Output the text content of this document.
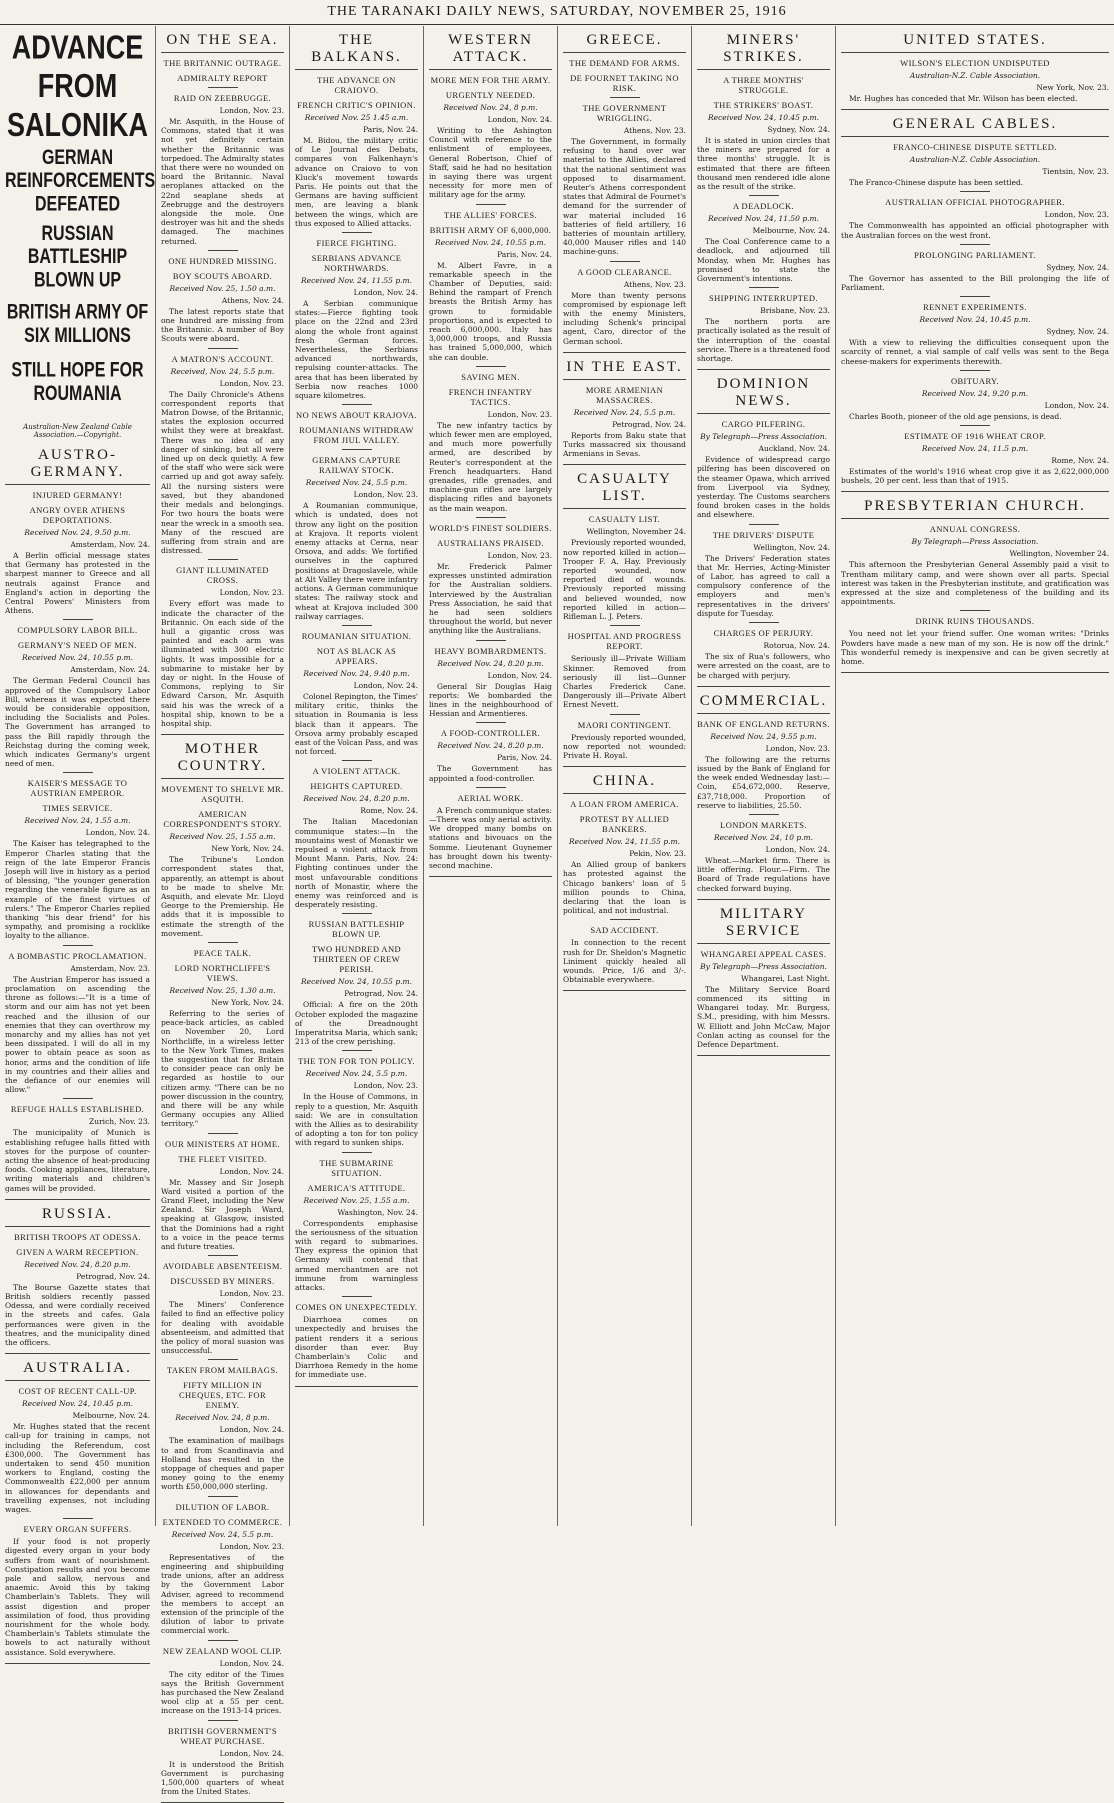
THE TARANAKI DAILY NEWS, SATURDAY, NOVEMBER 25, 1916
ADVANCE FROM SALONIKA
GERMAN REINFORCEMENTS DEFEATED
RUSSIAN BATTLESHIP BLOWN UP
BRITISH ARMY OF SIX MILLIONS
STILL HOPE FOR ROUMANIA
Australian-New Zealand Cable Association.—Copyright.
AUSTRO-GERMANY.
INJURED GERMANY!
ANGRY OVER ATHENS DEPORTATIONS.
Received Nov. 24, 9.50 p.m.
Amsterdam, Nov. 24.
A Berlin official message states that Germany has protested in the sharpest manner to Greece and all neutrals against France and England's action in deporting the Central Powers' Ministers from Athens.
COMPULSORY LABOR BILL.
GERMANY'S NEED OF MEN.
Received Nov. 24, 10.55 p.m.
Amsterdam, Nov. 24.
The German Federal Council has approved of the Compulsory Labor Bill, whereas it was expected there would be considerable opposition, including the Socialists and Poles. The Government has arranged to pass the Bill rapidly through the Reichstag during the coming week, which indicates Germany's urgent need of men.
KAISER'S MESSAGE TO AUSTRIAN EMPEROR.
TIMES SERVICE.
Received Nov. 24, 1.55 a.m.
London, Nov. 24.
The Kaiser has telegraphed to the Emperor Charles stating that the reign of the late Emperor Francis Joseph will live in history as a period of blessing, "the younger generation regarding the venerable figure as an example of the finest virtues of rulers." The Emperor Charles replied thanking "his dear friend" for his sympathy, and promising a rocklike loyalty to the alliance.
A BOMBASTIC PROCLAMATION.
Amsterdam, Nov. 23.
The Austrian Emperor has issued a proclamation on ascending the throne as follows:—"It is a time of storm and our aim has not yet been reached and the illusion of our enemies that they can overthrow my monarchy and my allies has not yet been dissipated. I will do all in my power to obtain peace as soon as honor, arms and the condition of life in my countries and their allies and the defiance of our enemies will allow."
REFUGE HALLS ESTABLISHED.
Zurich, Nov. 23.
The municipality of Munich is establishing refugee halls fitted with stoves for the purpose of counter-acting the absence of heat-producing foods. Cooking appliances, literature, writing materials and children's games will be provided.
RUSSIA.
BRITISH TROOPS AT ODESSA.
GIVEN A WARM RECEPTION.
Received Nov. 24, 8.20 p.m.
Petrograd, Nov. 24.
The Bourse Gazette states that British soldiers recently passed Odessa, and were cordially received in the streets and cafes. Gala performances were given in the theatres, and the municipality dined the officers.
AUSTRALIA.
COST OF RECENT CALL-UP.
Received Nov. 24, 10.45 p.m.
Melbourne, Nov. 24.
Mr. Hughes stated that the recent call-up for training in camps, not including the Referendum, cost £300,000. The Government has undertaken to send 450 munition workers to England, costing the Commonwealth £22,000 per annum in allowances for dependants and travelling expenses, not including wages.
EVERY ORGAN SUFFERS.
If your food is not properly digested every organ in your body suffers from want of nourishment. Constipation results and you become pale and sallow, nervous and anaemic. Avoid this by taking Chamberlain's Tablets. They will assist digestion and proper assimilation of food, thus providing nourishment for the whole body. Chamberlain's Tablets stimulate the bowels to act naturally without assistance. Sold everywhere.
ON THE SEA.
THE BRITANNIC OUTRAGE.
ADMIRALTY REPORT
RAID ON ZEEBRUGGE.
London, Nov. 23.
Mr. Asquith, in the House of Commons, stated that it was not yet definitely certain whether the Britannic was torpedoed. The Admiralty states that there were no wounded on board the Britannic. Naval aeroplanes attacked on the 22nd seaplane sheds at Zeebrugge and the destroyers alongside the mole. One destroyer was hit and the sheds damaged. The machines returned.
ONE HUNDRED MISSING.
BOY SCOUTS ABOARD.
Received Nov. 25, 1.50 a.m.
Athens, Nov. 24.
The latest reports state that one hundred are missing from the Britannic. A number of Boy Scouts were aboard.
A MATRON'S ACCOUNT.
Received, Nov. 24, 5.5 p.m.
London, Nov. 23.
The Daily Chronicle's Athens correspondent reports that Matron Dowse, of the Britannic, states the explosion occurred whilst they were at breakfast. There was no idea of any danger of sinking, but all were lined up on deck quietly. A few of the staff who were sick were carried up and got away safely. All the nursing sisters were saved, but they abandoned their medals and belongings. For two hours the boats were near the wreck in a smooth sea. Many of the rescued are suffering from strain and are distressed.
GIANT ILLUMINATED CROSS.
London, Nov. 23.
Every effort was made to indicate the character of the Britannic. On each side of the hull a gigantic cross was painted and each arm was illuminated with 300 electric lights. It was impossible for a submarine to mistake her by day or night. In the House of Commons, replying to Sir Edward Carson, Mr. Asquith said his was the wreck of a hospital ship, known to be a hospital ship.
MOTHER COUNTRY.
MOVEMENT TO SHELVE MR. ASQUITH.
AMERICAN CORRESPONDENT'S STORY.
Received Nov. 25, 1.55 a.m.
New York, Nov. 24.
The Tribune's London correspondent states that, apparently, an attempt is about to be made to shelve Mr. Asquith, and elevate Mr. Lloyd George to the Premiership. He adds that it is impossible to estimate the strength of the movement.
PEACE TALK.
LORD NORTHCLIFFE'S VIEWS.
Received Nov. 25, 1.30 a.m.
New York, Nov. 24.
Referring to the series of peace-back articles, as cabled on November 20, Lord Northcliffe, in a wireless letter to the New York Times, makes the suggestion that for Britain to consider peace can only be regarded as hostile to our citizen army. "There can be no power discussion in the country, and there will be any while Germany occupies any Allied territory."
OUR MINISTERS AT HOME.
THE FLEET VISITED.
London, Nov. 24.
Mr. Massey and Sir Joseph Ward visited a portion of the Grand Fleet, including the New Zealand. Sir Joseph Ward, speaking at Glasgow, insisted that the Dominions had a right to a voice in the peace terms and future treaties.
AVOIDABLE ABSENTEEISM.
DISCUSSED BY MINERS.
London, Nov. 23.
The Miners' Conference failed to find an effective policy for dealing with avoidable absenteeism, and admitted that the policy of moral suasion was unsuccessful.
TAKEN FROM MAILBAGS.
FIFTY MILLION IN CHEQUES, ETC. FOR ENEMY.
Received Nov. 24, 8 p.m.
London, Nov. 24.
The examination of mailbags to and from Scandinavia and Holland has resulted in the stoppage of cheques and paper money going to the enemy worth £50,000,000 sterling.
DILUTION OF LABOR.
EXTENDED TO COMMERCE.
Received Nov. 24, 5.5 p.m.
London, Nov. 23.
Representatives of the engineering and shipbuilding trade unions, after an address by the Government Labor Adviser, agreed to recommend the members to accept an extension of the principle of the dilution of labor to private commercial work.
NEW ZEALAND WOOL CLIP.
London, Nov. 24.
The city editor of the Times says the British Government has purchased the New Zealand wool clip at a 55 per cent. increase on the 1913-14 prices.
BRITISH GOVERNMENT'S WHEAT PURCHASE.
London, Nov. 24.
It is understood the British Government is purchasing 1,500,000 quarters of wheat from the United States.
THE BALKANS.
THE ADVANCE ON CRAIOVO.
FRENCH CRITIC'S OPINION.
Received Nov. 25 1.45 a.m.
Paris, Nov. 24.
M. Bidou, the military critic of Le Journal des Debats, compares von Falkenhayn's advance on Craiovo to von Kluck's movement towards Paris. He points out that the Germans are having sufficient men, are leaving a blank between the wings, which are thus exposed to Allied attacks.
FIERCE FIGHTING.
SERBIANS ADVANCE NORTHWARDS.
Received Nov. 24, 11.55 p.m.
London, Nov. 24.
A Serbian communique states:—Fierce fighting took place on the 22nd and 23rd along the whole front against fresh German forces. Nevertheless, the Serbians advanced northwards, repulsing counter-attacks. The area that has been liberated by Serbia now reaches 1000 square kilometres.
NO NEWS ABOUT KRAJOVA.
ROUMANIANS WITHDRAW FROM JIUL VALLEY.
GERMANS CAPTURE RAILWAY STOCK.
Received Nov. 24, 5.5 p.m.
London, Nov. 23.
A Roumanian communique, which is undated, does not throw any light on the position at Krajova. It reports violent enemy attacks at Cerna, near Orsova, and adds: We fortified ourselves in the captured positions at Dragoslavele, while at Alt Valley there were infantry actions. A German communique states: The railway stock and wheat at Krajova included 300 railway carriages.
ROUMANIAN SITUATION.
NOT AS BLACK AS APPEARS.
Received Nov. 24, 9.40 p.m.
London, Nov. 24.
Colonel Repington, the Times' military critic, thinks the situation in Roumania is less black than it appears. The Orsova army probably escaped east of the Volcan Pass, and was not forced.
A VIOLENT ATTACK.
HEIGHTS CAPTURED.
Received Nov. 24, 8.20 p.m.
Rome, Nov. 24.
The Italian Macedonian communique states:—In the mountains west of Monastir we repulsed a violent attack from Mount Mann. Paris, Nov. 24: Fighting continues under the most unfavourable conditions north of Monastir, where the enemy was reinforced and is desperately resisting.
RUSSIAN BATTLESHIP BLOWN UP.
TWO HUNDRED AND THIRTEEN OF CREW PERISH.
Received Nov. 24, 10.55 p.m.
Petrograd, Nov. 24.
Official: A fire on the 20th October exploded the magazine of the Dreadnought Imperatritsa Maria, which sank; 213 of the crew perishing.
THE TON FOR TON POLICY.
Received Nov. 24, 5.5 p.m.
London, Nov. 23.
In the House of Commons, in reply to a question, Mr. Asquith said: We are in consultation with the Allies as to desirability of adopting a ton for ton policy with regard to sunken ships.
THE SUBMARINE SITUATION.
AMERICA'S ATTITUDE.
Received Nov. 25, 1.55 a.m.
Washington, Nov. 24.
Correspondents emphasise the seriousness of the situation with regard to submarines. They express the opinion that Germany will contend that armed merchantmen are not immune from warningless attacks.
COMES ON UNEXPECTEDLY.
Diarrhoea comes on unexpectedly and bruises the patient renders it a serious disorder than ever. Buy Chamberlain's Colic and Diarrhoea Remedy in the home for immediate use.
WESTERN ATTACK.
MORE MEN FOR THE ARMY.
URGENTLY NEEDED.
Received Nov. 24, 8 p.m.
London, Nov. 24.
Writing to the Ashington Council with reference to the enlistment of employees, General Robertson, Chief of Staff, said he had no hesitation in saying there was urgent necessity for more men of military age for the army.
THE ALLIES' FORCES.
BRITISH ARMY OF 6,000,000.
Received Nov. 24, 10.55 p.m.
Paris, Nov. 24.
M. Albert Favre, in a remarkable speech in the Chamber of Deputies, said: Behind the rampart of French breasts the British Army has grown to formidable proportions, and is expected to reach 6,000,000. Italy has 3,000,000 troops, and Russia has trained 5,000,000, which she can double.
SAVING MEN.
FRENCH INFANTRY TACTICS.
London, Nov. 23.
The new infantry tactics by which fewer men are employed, and much more powerfully armed, are described by Reuter's correspondent at the French headquarters. Hand grenades, rifle grenades, and machine-gun rifles are largely displacing rifles and bayonets as the main weapon.
WORLD'S FINEST SOLDIERS.
AUSTRALIANS PRAISED.
London, Nov. 23.
Mr. Frederick Palmer expresses unstinted admiration for the Australian soldiers. Interviewed by the Australian Press Association, he said that he had seen soldiers throughout the world, but never anything like the Australians.
HEAVY BOMBARDMENTS.
Received Nov. 24, 8.20 p.m.
London, Nov. 24.
General Sir Douglas Haig reports: We bombarded the lines in the neighbourhood of Hessian and Armentieres.
A FOOD-CONTROLLER.
Received Nov. 24, 8.20 p.m.
Paris, Nov. 24.
The Government has appointed a food-controller.
AERIAL WORK.
A French communique states:—There was only aerial activity. We dropped many bombs on stations and bivouacs on the Somme. Lieutenant Guynemer has brought down his twenty-second machine.
GREECE.
THE DEMAND FOR ARMS.
DE FOURNET TAKING NO RISK.
THE GOVERNMENT WRIGGLING.
Athens, Nov. 23.
The Government, in formally refusing to hand over war material to the Allies, declared that the national sentiment was opposed to disarmament. Reuter's Athens correspondent states that Admiral de Fournet's demand for the surrender of war material included 16 batteries of field artillery, 16 batteries of mountain artillery, 40,000 Mauser rifles and 140 machine-guns.
A GOOD CLEARANCE.
Athens, Nov. 23.
More than twenty persons compromised by espionage left with the enemy Ministers, including Schenk's principal agent, Caro, director of the German school.
IN THE EAST.
MORE ARMENIAN MASSACRES.
Received Nov. 24, 5.5 p.m.
Petrograd, Nov. 24.
Reports from Baku state that Turks massacred six thousand Armenians in Sevas.
CASUALTY LIST.
CASUALTY LIST.
Wellington, November 24.
Previously reported wounded, now reported killed in action—Trooper F. A. Hay. Previously reported wounded, now reported died of wounds. Previously reported missing and believed wounded, now reported killed in action—Rifleman L. J. Peters.
HOSPITAL AND PROGRESS REPORT.
Seriously ill—Private William Skinner. Removed from seriously ill list—Gunner Charles Frederick Cane. Dangerously ill—Private Albert Ernest Nevett.
MAORI CONTINGENT.
Previously reported wounded, now reported not wounded: Private H. Royal.
CHINA.
A LOAN FROM AMERICA.
PROTEST BY ALLIED BANKERS.
Received Nov. 24, 11.55 p.m.
Pekin, Nov. 23.
An Allied group of bankers has protested against the Chicago bankers' loan of 5 million pounds to China, declaring that the loan is political, and not industrial.
SAD ACCIDENT.
In connection to the recent rush for Dr. Sheldon's Magnetic Liniment quickly healed all wounds. Price, 1/6 and 3/-. Obtainable everywhere.
MINERS' STRIKES.
A THREE MONTHS' STRUGGLE.
THE STRIKERS' BOAST.
Received Nov. 24, 10.45 p.m.
Sydney, Nov. 24.
It is stated in union circles that the miners are prepared for a three months' struggle. It is estimated that there are fifteen thousand men rendered idle alone as the result of the strike.
A DEADLOCK.
Received Nov. 24, 11.50 p.m.
Melbourne, Nov. 24.
The Coal Conference came to a deadlock, and adjourned till Monday, when Mr. Hughes has promised to state the Government's intentions.
SHIPPING INTERRUPTED.
Brisbane, Nov. 23.
The northern ports are practically isolated as the result of the interruption of the coastal service. There is a threatened food shortage.
DOMINION NEWS.
CARGO PILFERING.
By Telegraph—Press Association.
Auckland, Nov. 24.
Evidence of widespread cargo pilfering has been discovered on the steamer Opawa, which arrived from Liverpool via Sydney, yesterday. The Customs searchers found broken cases in the holds and elsewhere.
THE DRIVERS' DISPUTE
Wellington, Nov. 24.
The Drivers' Federation states that Mr. Herries, Acting-Minister of Labor, has agreed to call a compulsory conference of the employers and men's representatives in the drivers' dispute for Tuesday.
CHARGES OF PERJURY.
Rotorua, Nov. 24.
The six of Rua's followers, who were arrested on the coast, are to be charged with perjury.
COMMERCIAL.
BANK OF ENGLAND RETURNS.
Received Nov. 24, 9.55 p.m.
London, Nov. 23.
The following are the returns issued by the Bank of England for the week ended Wednesday last:—Coin, £54,672,000. Reserve, £37,718,000. Proportion of reserve to liabilities, 25.50.
LONDON MARKETS.
Received Nov. 24, 10 p.m.
London, Nov. 24.
Wheat.—Market firm. There is little offering. Flour.—Firm. The Board of Trade regulations have checked forward buying.
MILITARY SERVICE
WHANGAREI APPEAL CASES.
By Telegraph—Press Association.
Whangarei, Last Night.
The Military Service Board commenced its sitting in Whangarei today. Mr. Burgess, S.M., presiding, with him Messrs. W. Elliott and John McCaw, Major Conlan acting as counsel for the Defence Department.
UNITED STATES.
WILSON'S ELECTION UNDISPUTED
Australian-N.Z. Cable Association.
New York, Nov. 23.
Mr. Hughes has conceded that Mr. Wilson has been elected.
GENERAL CABLES.
FRANCO-CHINESE DISPUTE SETTLED.
Australian-N.Z. Cable Association.
Tientsin, Nov. 23.
The Franco-Chinese dispute has been settled.
AUSTRALIAN OFFICIAL PHOTOGRAPHER.
London, Nov. 23.
The Commonwealth has appointed an official photographer with the Australian forces on the west front.
PROLONGING PARLIAMENT.
Sydney, Nov. 24.
The Governor has assented to the Bill prolonging the life of Parliament.
RENNET EXPERIMENTS.
Received Nov. 24, 10.45 p.m.
Sydney, Nov. 24.
With a view to relieving the difficulties consequent upon the scarcity of rennet, a vial sample of calf vells was sent to the Bega cheese-makers for experiments therewith.
OBITUARY.
Received Nov. 24, 9.20 p.m.
London, Nov. 24.
Charles Booth, pioneer of the old age pensions, is dead.
ESTIMATE OF 1916 WHEAT CROP.
Received Nov. 24, 11.5 p.m.
Rome, Nov. 24.
Estimates of the world's 1916 wheat crop give it as 2,622,000,000 bushels, 20 per cent. less than that of 1915.
PRESBYTERIAN CHURCH.
ANNUAL CONGRESS.
By Telegraph—Press Association.
Wellington, November 24.
This afternoon the Presbyterian General Assembly paid a visit to Trentham military camp, and were shown over all parts. Special interest was taken in the Presbyterian institute, and gratification was expressed at the size and completeness of the building and its appointments.
DRINK RUINS THOUSANDS.
You need not let your friend suffer. One woman writes: "Drinks Powders have made a new man of my son. He is now off the drink." This wonderful remedy is inexpensive and can be given secretly at home.
